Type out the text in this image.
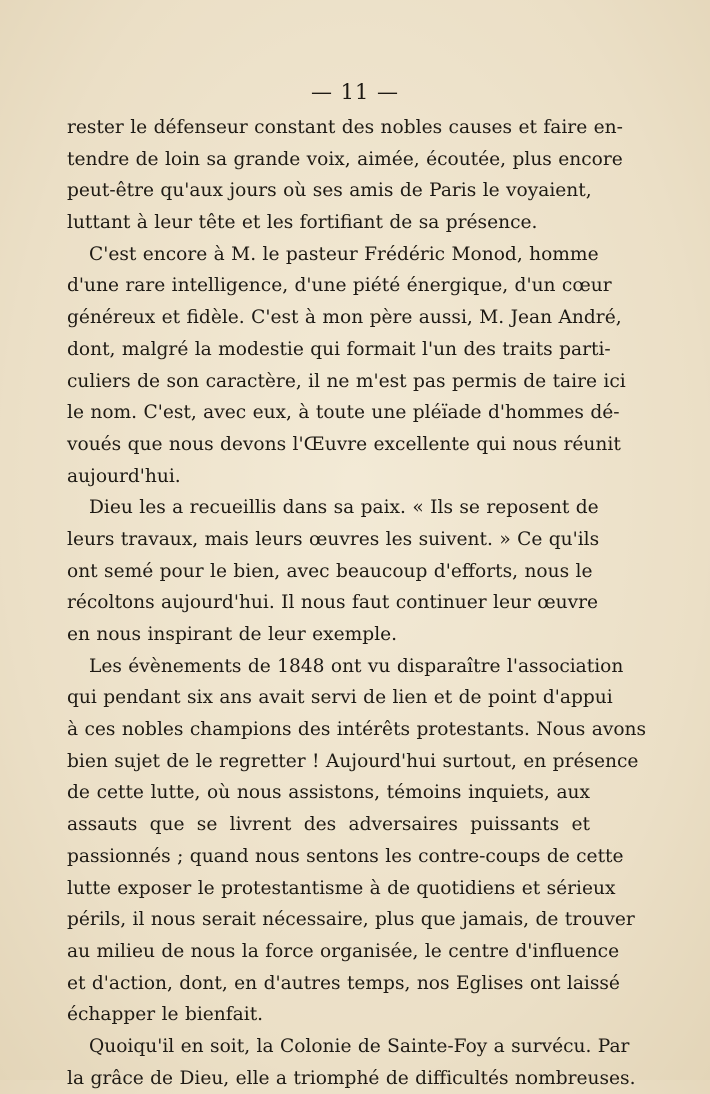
— 11 —
rester le défenseur constant des nobles causes et faire en-
tendre de loin sa grande voix, aimée, écoutée, plus encore
peut-être qu'aux jours où ses amis de Paris le voyaient,
luttant à leur tête et les fortifiant de sa présence.
C'est encore à M. le pasteur Frédéric Monod, homme
d'une rare intelligence, d'une piété énergique, d'un cœur
généreux et fidèle. C'est à mon père aussi, M. Jean André,
dont, malgré la modestie qui formait l'un des traits parti-
culiers de son caractère, il ne m'est pas permis de taire ici
le nom. C'est, avec eux, à toute une pléïade d'hommes dé-
voués que nous devons l'Œuvre excellente qui nous réunit
aujourd'hui.
Dieu les a recueillis dans sa paix. « Ils se reposent de
leurs travaux, mais leurs œuvres les suivent. » Ce qu'ils
ont semé pour le bien, avec beaucoup d'efforts, nous le
récoltons aujourd'hui. Il nous faut continuer leur œuvre
en nous inspirant de leur exemple.
Les évènements de 1848 ont vu disparaître l'association
qui pendant six ans avait servi de lien et de point d'appui
à ces nobles champions des intérêts protestants. Nous avons
bien sujet de le regretter ! Aujourd'hui surtout, en présence
de cette lutte, où nous assistons, témoins inquiets, aux
assauts que se livrent des adversaires puissants et
passionnés ; quand nous sentons les contre-coups de cette
lutte exposer le protestantisme à de quotidiens et sérieux
périls, il nous serait nécessaire, plus que jamais, de trouver
au milieu de nous la force organisée, le centre d'influence
et d'action, dont, en d'autres temps, nos Eglises ont laissé
échapper le bienfait.
Quoiqu'il en soit, la Colonie de Sainte-Foy a survécu. Par
la grâce de Dieu, elle a triomphé de difficultés nombreuses.
